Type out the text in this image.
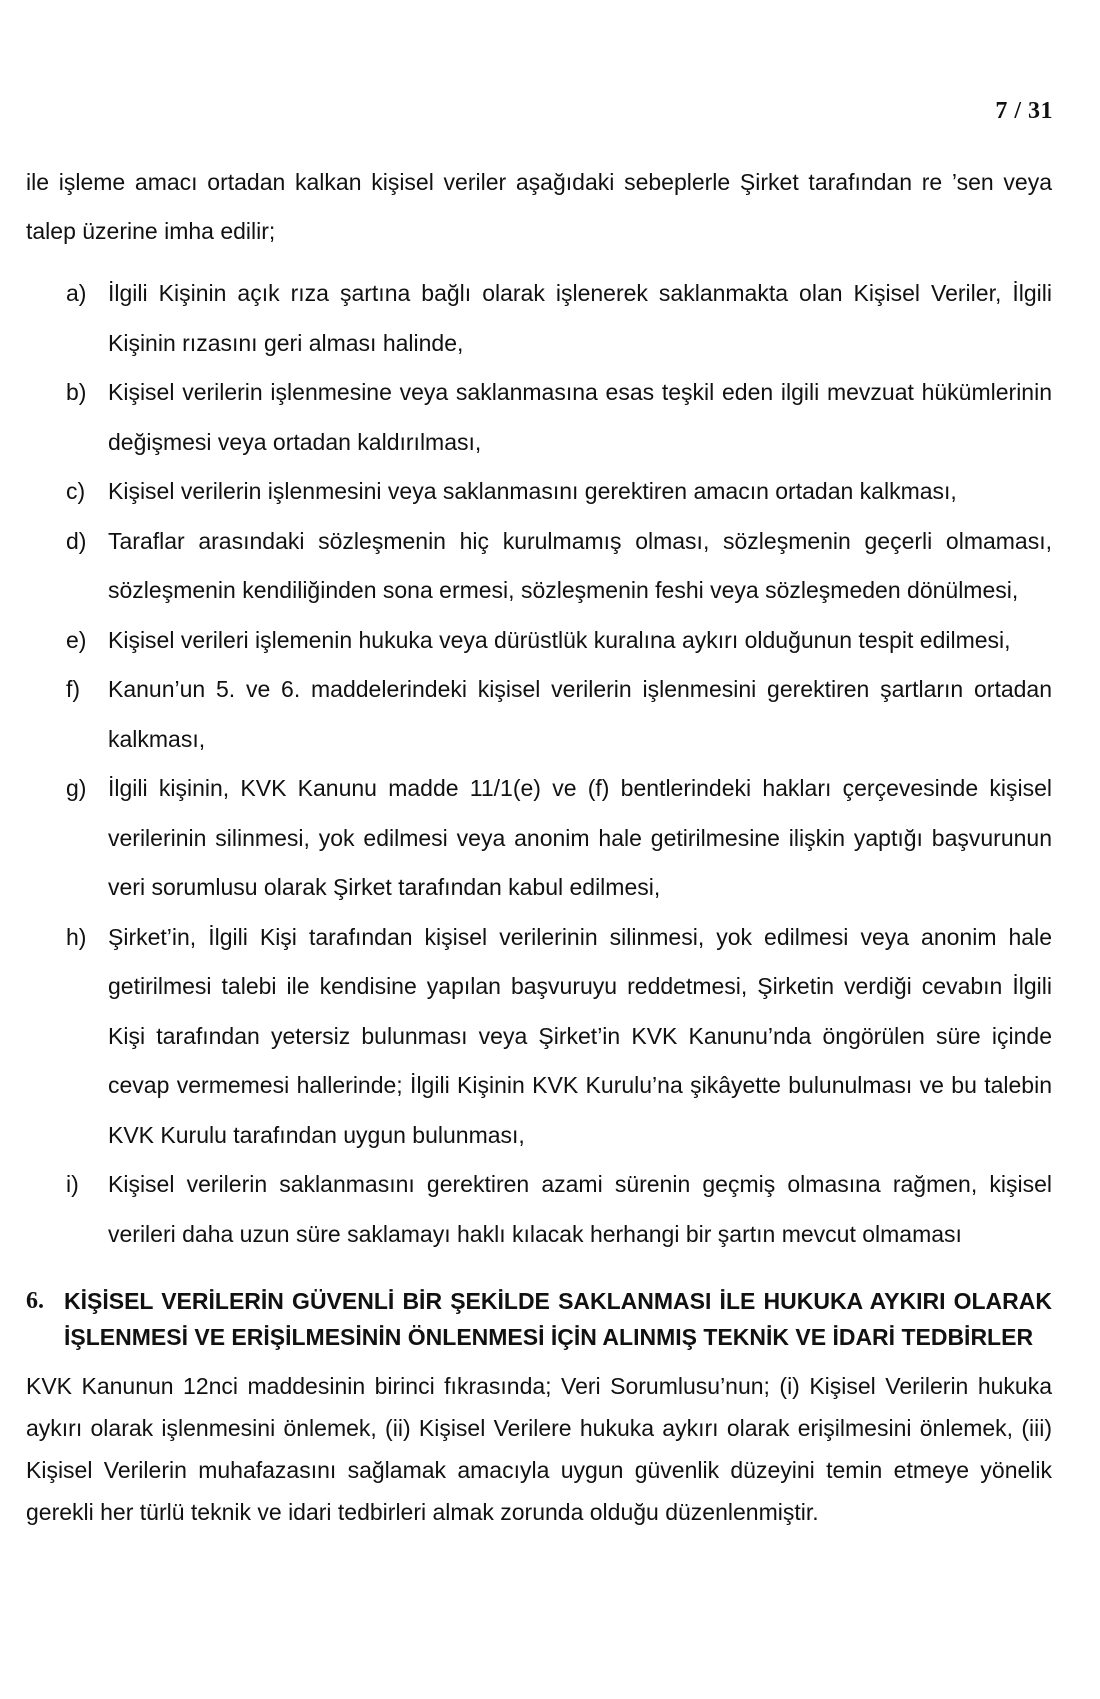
7 / 31

ile işleme amacı ortadan kalkan kişisel veriler aşağıdaki sebeplerle Şirket tarafından re ’sen veya talep üzerine imha edilir;

a) İlgili Kişinin açık rıza şartına bağlı olarak işlenerek saklanmakta olan Kişisel Veriler, İlgili Kişinin rızasını geri alması halinde,
b) Kişisel verilerin işlenmesine veya saklanmasına esas teşkil eden ilgili mevzuat hükümlerinin değişmesi veya ortadan kaldırılması,
c) Kişisel verilerin işlenmesini veya saklanmasını gerektiren amacın ortadan kalkması,
d) Taraflar arasındaki sözleşmenin hiç kurulmamış olması, sözleşmenin geçerli olmaması, sözleşmenin kendiliğinden sona ermesi, sözleşmenin feshi veya sözleşmeden dönülmesi,
e) Kişisel verileri işlemenin hukuka veya dürüstlük kuralına aykırı olduğunun tespit edilmesi,
f) Kanun’un 5. ve 6. maddelerindeki kişisel verilerin işlenmesini gerektiren şartların ortadan kalkması,
g) İlgili kişinin, KVK Kanunu madde 11/1(e) ve (f) bentlerindeki hakları çerçevesinde kişisel verilerinin silinmesi, yok edilmesi veya anonim hale getirilmesine ilişkin yaptığı başvurunun veri sorumlusu olarak Şirket tarafından kabul edilmesi,
h) Şirket’in, İlgili Kişi tarafından kişisel verilerinin silinmesi, yok edilmesi veya anonim hale getirilmesi talebi ile kendisine yapılan başvuruyu reddetmesi, Şirketin verdiği cevabın İlgili Kişi tarafından yetersiz bulunması veya Şirket’in KVK Kanunu’nda öngörülen süre içinde cevap vermemesi hallerinde; İlgili Kişinin KVK Kurulu’na şikâyette bulunulması ve bu talebin KVK Kurulu tarafından uygun bulunması,
i) Kişisel verilerin saklanmasını gerektiren azami sürenin geçmiş olmasına rağmen, kişisel verileri daha uzun süre saklamayı haklı kılacak herhangi bir şartın mevcut olmaması
6. KİŞİSEL VERİLERİN GÜVENLİ BİR ŞEKİLDE SAKLANMASI İLE HUKUKA AYKIRI OLARAK İŞLENMESİ VE ERİŞİLMESİNİN ÖNLENMESİ İÇİN ALINMIŞ TEKNİK VE İDARİ TEDBİRLER

KVK Kanunun 12nci maddesinin birinci fıkrasında; Veri Sorumlusu’nun; (i) Kişisel Verilerin hukuka aykırı olarak işlenmesini önlemek, (ii) Kişisel Verilere hukuka aykırı olarak erişilmesini önlemek, (iii) Kişisel Verilerin muhafazasını sağlamak amacıyla uygun güvenlik düzeyini temin etmeye yönelik gerekli her türlü teknik ve idari tedbirleri almak zorunda olduğu düzenlenmiştir.
